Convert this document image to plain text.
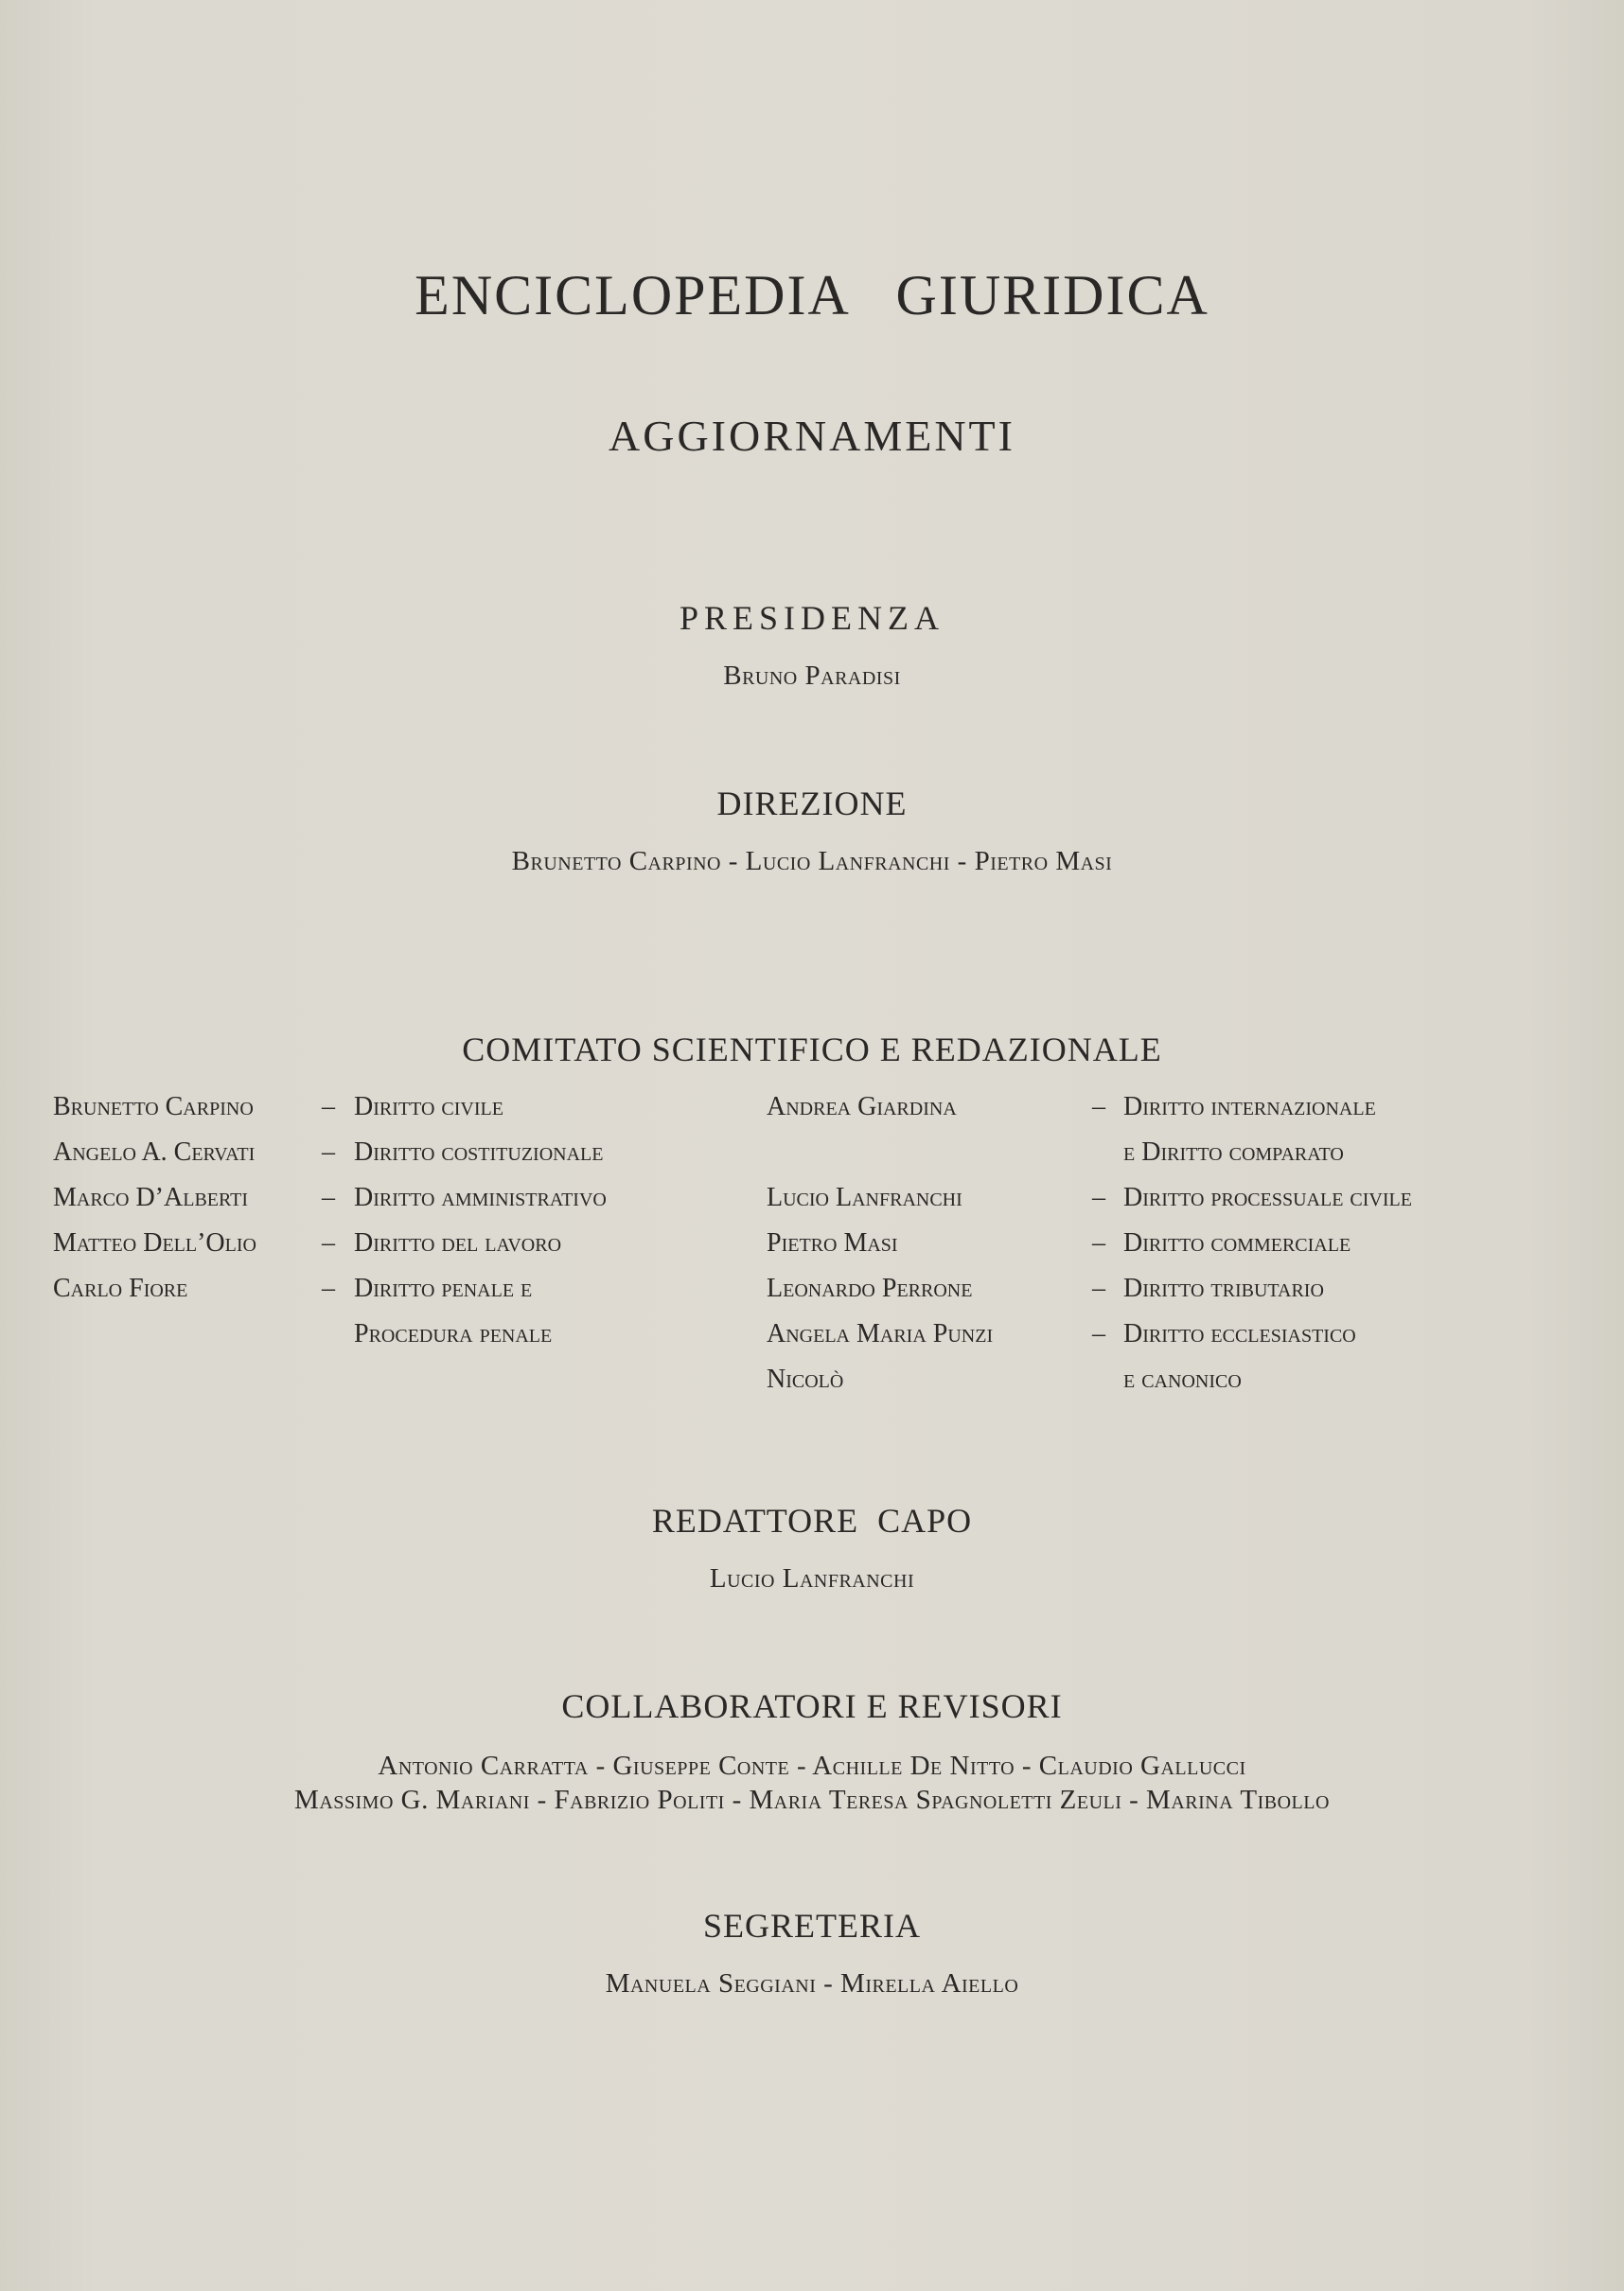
ENCICLOPEDIA   GIURIDICA
AGGIORNAMENTI
PRESIDENZA

Bruno Paradisi

DIREZIONE

Brunetto Carpino - Lucio Lanfranchi - Pietro Masi

COMITATO SCIENTIFICO E REDAZIONALE
Brunetto Carpino	– Diritto civile
Angelo A. Cervati	– Diritto costituzionale
Marco D’Alberti	– Diritto amministrativo
Matteo Dell’Olio – Diritto del lavoro
Carlo Fiore	– Diritto penale e
Procedura penale
Andrea Giardina	– Diritto internazionale
e Diritto comparato
Lucio Lanfranchi	– Diritto processuale civile
Pietro Masi	– Diritto commerciale
Leonardo Perrone	– Diritto tributario
Angela Maria Punzi	– Diritto ecclesiastico
Nicolò	e canonico
REDATTORE  CAPO

Lucio Lanfranchi

COLLABORATORI E REVISORI

Antonio Carratta - Giuseppe Conte - Achille De Nitto - Claudio Gallucci
Massimo G. Mariani - Fabrizio Politi - Maria Teresa Spagnoletti Zeuli - Marina Tibollo

SEGRETERIA

Manuela Seggiani - Mirella Aiello
